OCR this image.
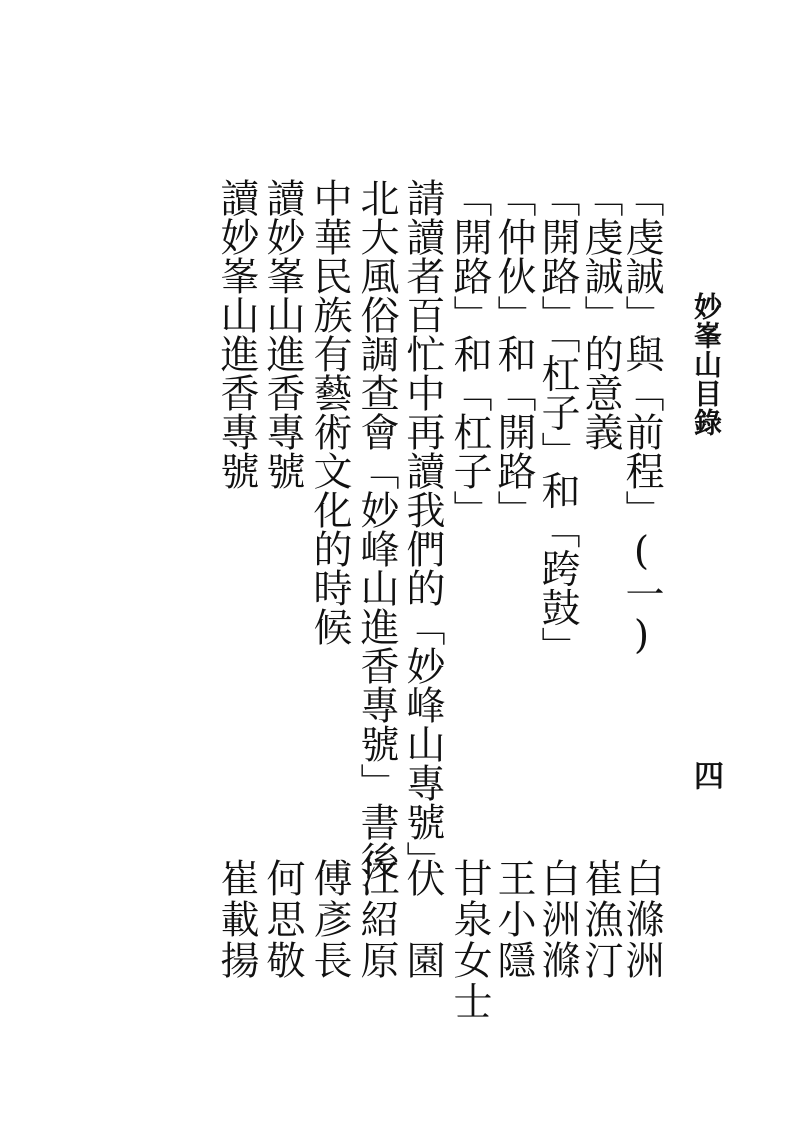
妙峯山目錄
四
「虔誠」與「前程」(一)
白滌洲
「虔誠」的意義
崔漁汀
「開路」「杠子」和「跨鼓」
白洲滌
「仲伙」和「開路」
王小隱
「開路」和「杠子」
甘泉女士
請讀者百忙中再讀我們的「妙峰山專號」
伏　園
北大風俗調查會「妙峰山進香專號」書後
江紹原
中華民族有藝術文化的時候
傅彥長
讀妙峯山進香專號
何思敬
讀妙峯山進香專號
崔載揚
